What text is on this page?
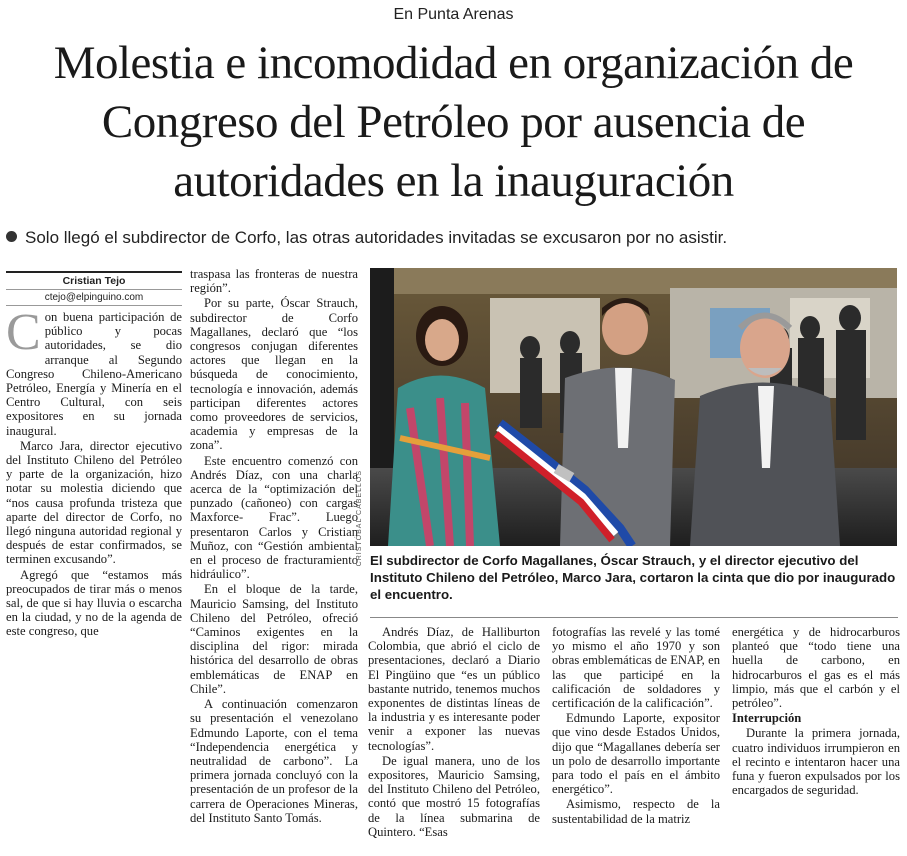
En Punta Arenas
Molestia e incomodidad en organización de Congreso del Petróleo por ausencia de autoridades en la inauguración
Solo llegó el subdirector de Corfo, las otras autoridades invitadas se excusaron por no asistir.
Cristian Tejo
ctejo@elpinguino.com

Con buena participación de público y pocas autoridades, se dio arranque al Segundo Congreso Chileno-Americano Petróleo, Energía y Minería en el Centro Cultural, con seis expositores en su jornada inaugural.

Marco Jara, director ejecutivo del Instituto Chileno del Petróleo y parte de la organización, hizo notar su molestia diciendo que “nos causa profunda tristeza que aparte del director de Corfo, no llegó ninguna autoridad regional y después de estar confirmados, se terminen excusando”.

Agregó que “estamos más preocupados de tirar más o menos sal, de que si hay lluvia o escarcha en la ciudad, y no de la agenda de este congreso, que

traspasa las fronteras de nuestra región”.

Por su parte, Óscar Strauch, subdirector de Corfo Magallanes, declaró que “los congresos conjugan diferentes actores que llegan en la búsqueda de conocimiento, tecnología e innovación, además participan diferentes actores como proveedores de servicios, academia y empresas de la zona”.

Este encuentro comenzó con Andrés Díaz, con una charla acerca de la “optimización del punzado (cañoneo) con cargas Maxforce- Frac”. Luego presentaron Carlos y Cristian Muñoz, con “Gestión ambiental en el proceso de fracturamiento hidráulico”.

En el bloque de la tarde, Mauricio Samsing, del Instituto Chileno del Petróleo, ofreció “Caminos exigentes en la disciplina del rigor: mirada histórica del desarrollo de obras emblemáticas de ENAP en Chile”.

A continuación comenzaron su presentación el venezolano Edmundo Laporte, con el tema “Independencia energética y neutralidad de carbono”. La primera jornada concluyó con la presentación de un profesor de la carrera de Operaciones Mineras, del Instituto Santo Tomás.

CRISTÓBAL CABELLOS El subdirector de Corfo Magallanes, Óscar Strauch, y el director ejecutivo del Instituto Chileno del Petróleo, Marco Jara, cortaron la cinta que dio por inaugurado el encuentro.

Andrés Díaz, de Halliburton Colombia, que abrió el ciclo de presentaciones, declaró a Diario El Pingüino que “es un público bastante nutrido, tenemos muchos exponentes de distintas líneas de la industria y es interesante poder venir a exponer las nuevas tecnologías”.

De igual manera, uno de los expositores, Mauricio Samsing, del Instituto Chileno del Petróleo, contó que mostró 15 fotografías de la línea submarina de Quintero. “Esas

fotografías las revelé y las tomé yo mismo el año 1970 y son obras emblemáticas de ENAP, en las que participé en la calificación de soldadores y certificación de la calificación”.

Edmundo Laporte, expositor que vino desde Estados Unidos, dijo que “Magallanes debería ser un polo de desarrollo importante para todo el país en el ámbito energético”.

Asimismo, respecto de la sustentabilidad de la matriz

energética y de hidrocarburos planteó que “todo tiene una huella de carbono, en hidrocarburos el gas es el más limpio, más que el carbón y el petróleo”.

Interrupción

Durante la primera jornada, cuatro individuos irrumpieron en el recinto e intentaron hacer una funa y fueron expulsados por los encargados de seguridad.
